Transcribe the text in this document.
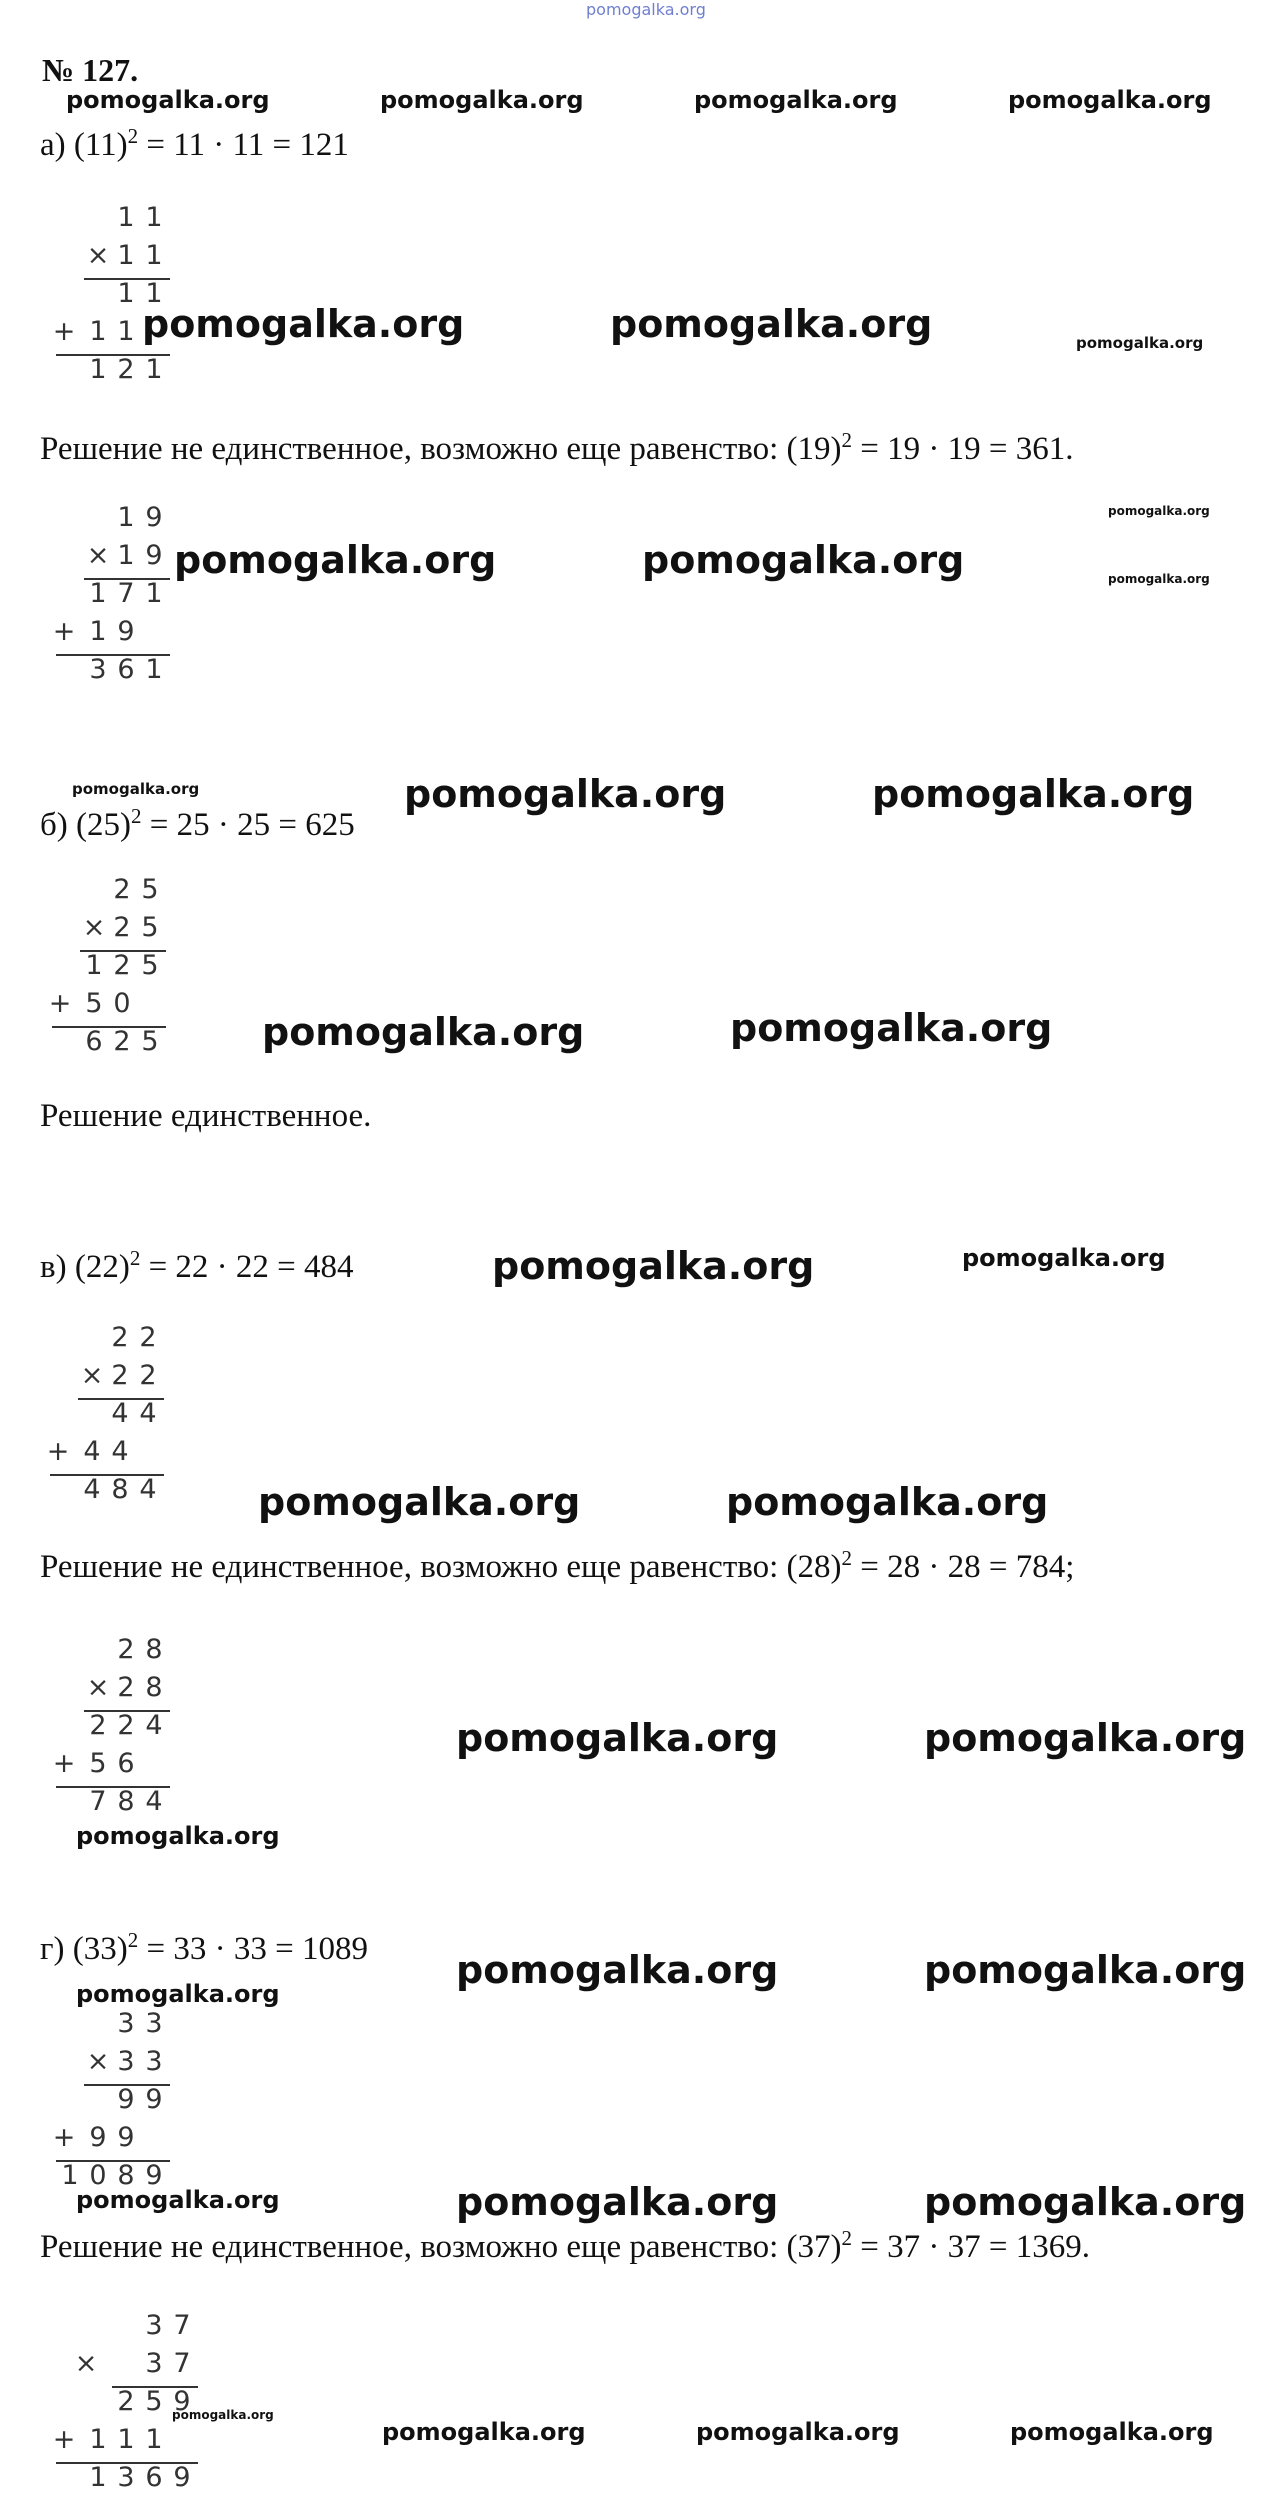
pomogalka.org
№ 127.
а) $(11)^2 = 11 \cdot 11 = 121$
1 1
× 1 1
1 1
+ 1 1
1 2 1
Решение не единственное, возможно еще равенство: $(19)^2 = 19 \cdot 19 = 361$.
1 9
× 1 9
1 7 1
+ 1 9
3 6 1
б) $(25)^2 = 25 \cdot 25 = 625$
2 5
× 2 5
1 2 5
+ 5 0
6 2 5
Решение единственное.
в) $(22)^2 = 22 \cdot 22 = 484$
2 2
× 2 2
4 4
+ 4 4
4 8 4
Решение не единственное, возможно еще равенство: $(28)^2 = 28 \cdot 28 = 784$;
2 8
× 2 8
2 2 4
+ 5 6
7 8 4
г) $(33)^2 = 33 \cdot 33 = 1089$
3 3
× 3 3
9 9
+ 9 9
1 0 8 9
Решение не единственное, возможно еще равенство: $(37)^2 = 37 \cdot 37 = 1369$.
3 7
× 3 7
2 5 9
+ 1 1 1
1 3 6 9
pomogalka.org	pomogalka.org	pomogalka.org	pomogalka.org
pomogalka.org	pomogalka.org	pomogalka.org
pomogalka.org
pomogalka.org	pomogalka.org	pomogalka.org
pomogalka.org	pomogalka.org	pomogalka.org
pomogalka.org	pomogalka.org
pomogalka.org	pomogalka.org
pomogalka.org	pomogalka.org
pomogalka.org	pomogalka.org
pomogalka.org
pomogalka.org	pomogalka.org
pomogalka.org
pomogalka.org	pomogalka.org	pomogalka.org
pomogalka.org
pomogalka.org	pomogalka.org	pomogalka.org
